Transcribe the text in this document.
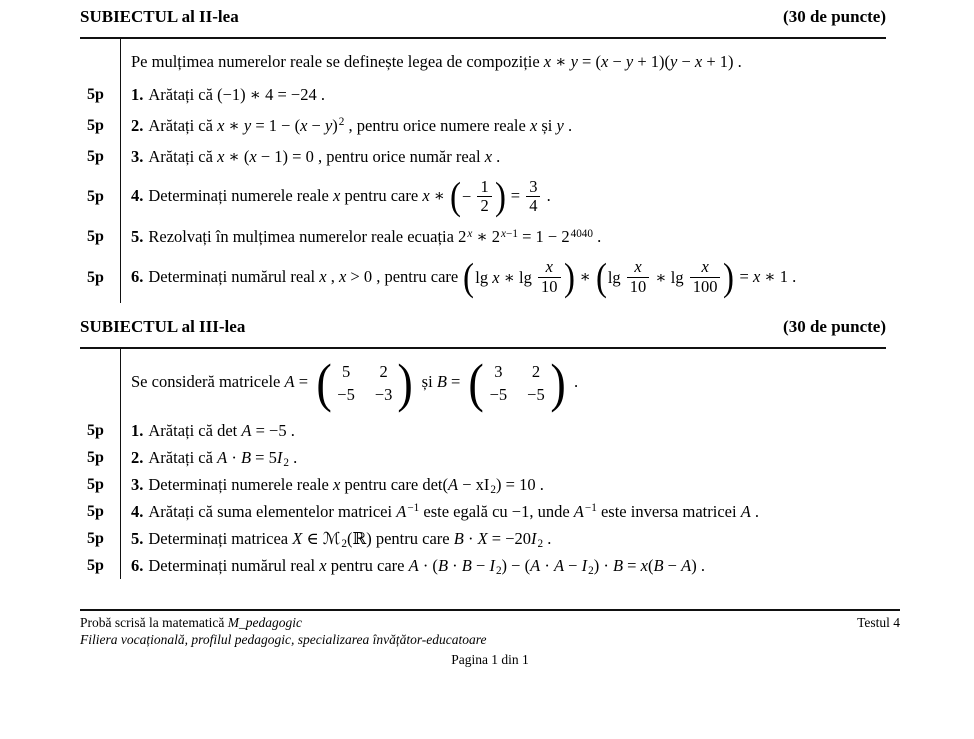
SUBIECTUL al II-lea	(30 de puncte)
Pe mulțimea numerelor reale se definește legea de compoziție x ∗ y = (x − y + 1)(y − x + 1) .
5p	1. Arătați că (−1) ∗ 4 = −24 .
5p	2. Arătați că x ∗ $y = 1 - (x - y)^2$ , pentru orice numere reale x și y .
5p	3. Arătați că x ∗ (x − 1) = 0 , pentru orice număr real x .
5p	4. Determinați numerele reale x pentru care x ∗ ( − $\frac{1}{2}$ ) = $\frac{3}{4}$ .
5p	5. Rezolvați în mulțimea numerelor reale ecuația 2$^x$ ∗ $2^{x-1} = 1 - 2^{4040}$ .
5p	6. Determinați numărul real x , x > 0 , pentru care ( lg x ∗ $\lg \frac{x}{10}$ ) ∗ ( $\lg \frac{x}{10}$ ∗ $\lg \frac{x}{100}$ ) = x ∗ 1 .
SUBIECTUL al III-lea	(30 de puncte)
Se consideră matricele A = ( 5 2
−5 −3 ) și B = ( 3 2
−5 −5 ) .
5p	1. Arătați că det A = −5 .
5p	2. Arătați că $A \cdot B = 5I_2$ .
5p	3. Determinați numerele reale x pentru care $\det(A - xI_2) = 10$ .
5p	4. Arătați că suma elementelor matricei $A^{-1}$ este egală cu −1, unde $A^{-1}$ este inversa matricei A .
5p	5. Determinați matricea X ∈ ℳ$_2$(ℝ) pentru care $B \cdot X = -20I_2$ .
5p	6. Determinați numărul real x pentru care $A \cdot (B \cdot B - I_2) - (A \cdot A - I_2) \cdot B = x(B - A)$ .
Probă scrisă la matematică M_pedagogic	Testul 4
Filiera vocațională, profilul pedagogic, specializarea învățător-educatoare
Pagina 1 din 1
